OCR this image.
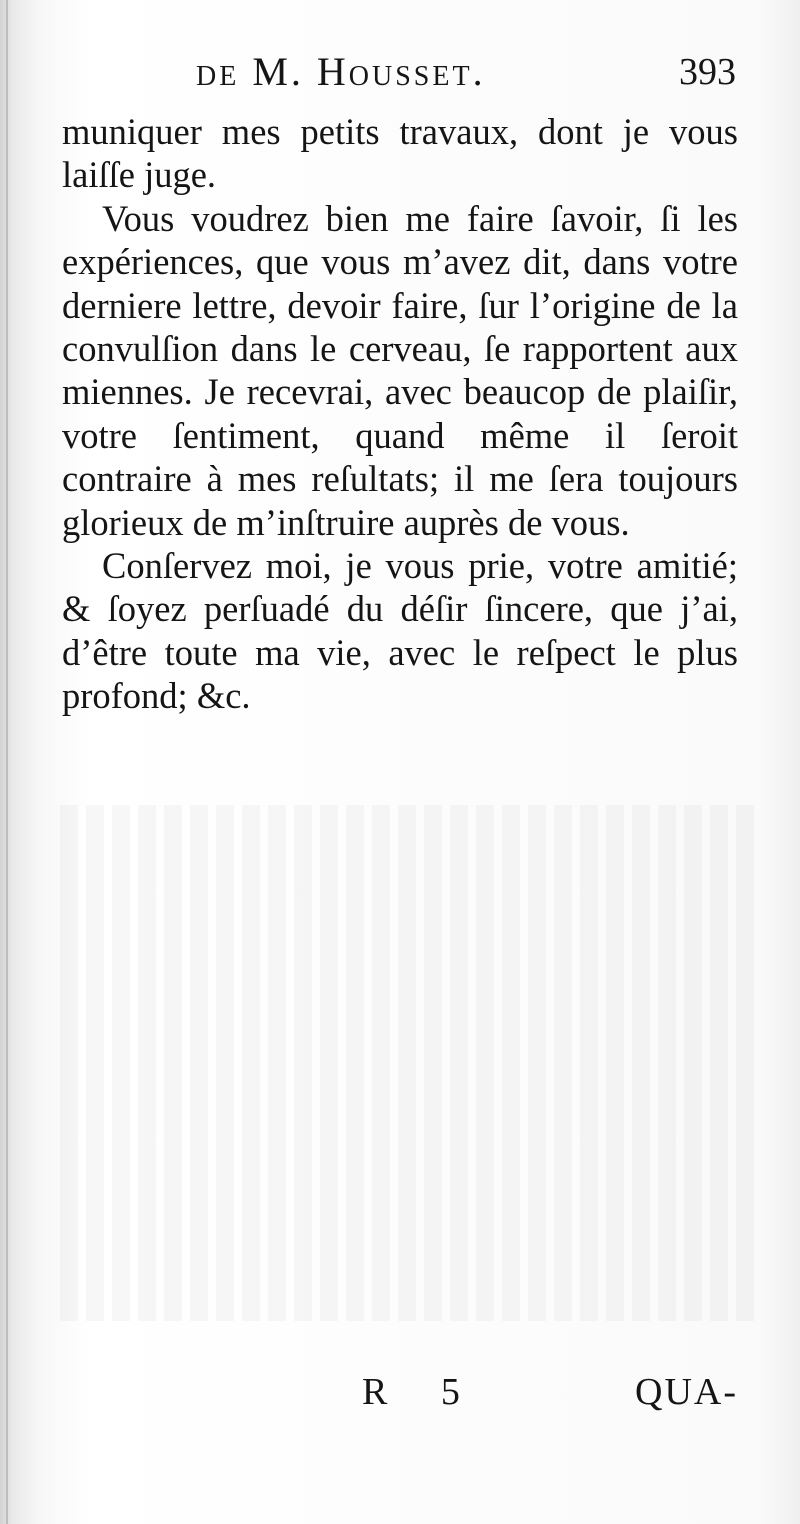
de M. Housset.	393

muniquer mes petits travaux, dont je vous laiſſe juge.

Vous voudrez bien me faire ſavoir, ſi les expériences, que vous m’avez dit, dans votre derniere lettre, devoir faire, ſur l’origine de la convulſion dans le cerveau, ſe rapportent aux miennes. Je recevrai, avec beaucop de plaiſir, votre ſentiment, quand même il ſeroit contraire à mes reſultats; il me ſera toujours glorieux de m’inſtruire auprès de vous.

Conſervez moi, je vous prie, votre amitié; & ſoyez perſuadé du déſir ſincere, que j’ai, d’être toute ma vie, avec le reſpect le plus profond; &c.

R 5	QUA-
